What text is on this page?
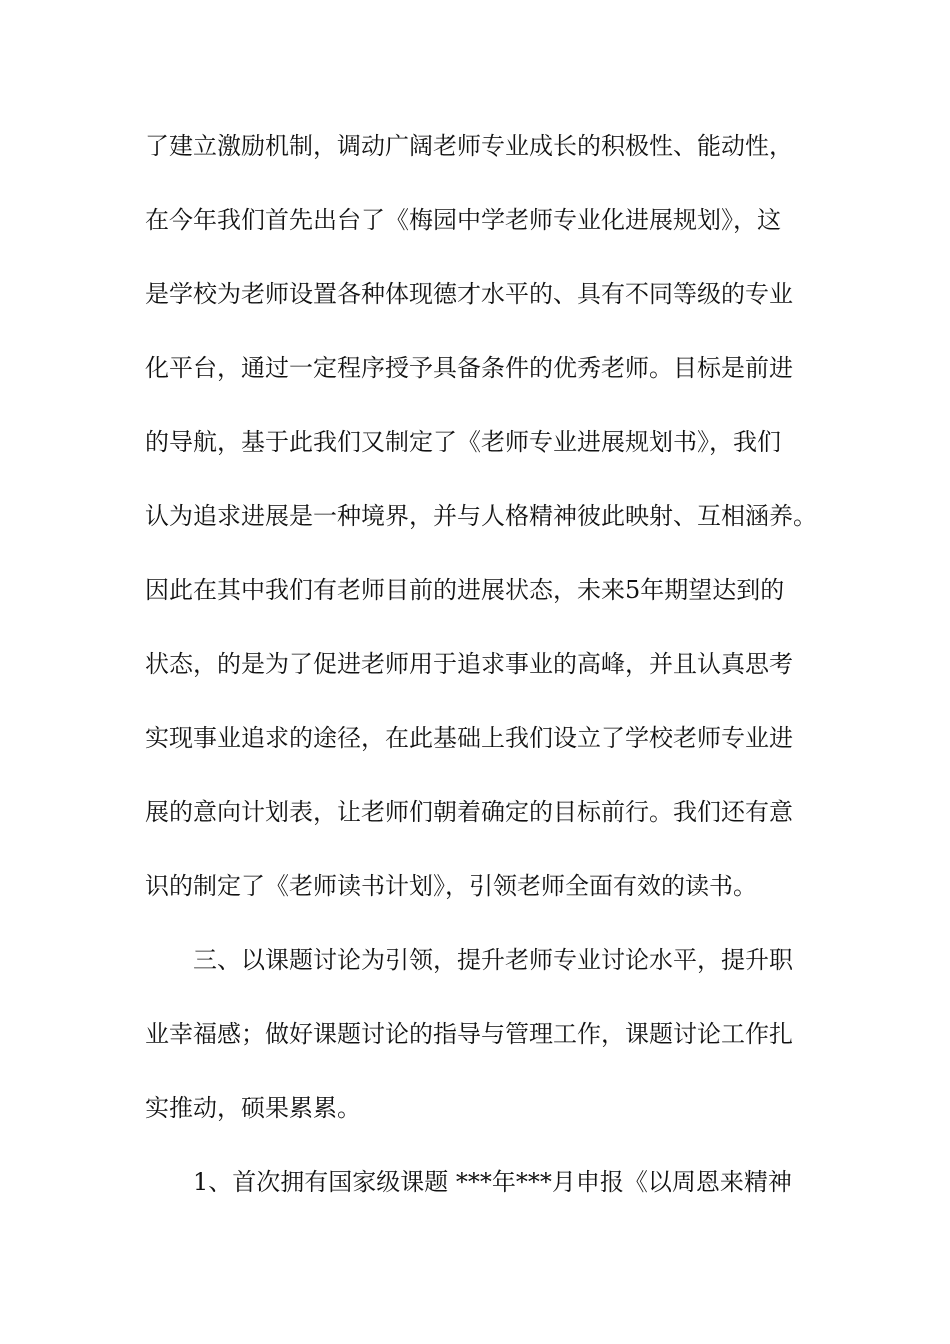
了建立激励机制，调动广阔老师专业成长的积极性、能动性，
在今年我们首先出台了《梅园中学老师专业化进展规划》，这
是学校为老师设置各种体现德才水平的、具有不同等级的专业
化平台，通过一定程序授予具备条件的优秀老师。目标是前进
的导航，基于此我们又制定了《老师专业进展规划书》，我们
认为追求进展是一种境界，并与人格精神彼此映射、互相涵养。
因此在其中我们有老师目前的进展状态，未来5年期望达到的
状态，的是为了促进老师用于追求事业的高峰，并且认真思考
实现事业追求的途径，在此基础上我们设立了学校老师专业进
展的意向计划表，让老师们朝着确定的目标前行。我们还有意
识的制定了《老师读书计划》，引领老师全面有效的读书。
三、以课题讨论为引领，提升老师专业讨论水平，提升职
业幸福感；做好课题讨论的指导与管理工作，课题讨论工作扎
实推动，硕果累累。
1、首次拥有国家级课题 ***年***月申报《以周恩来精神
